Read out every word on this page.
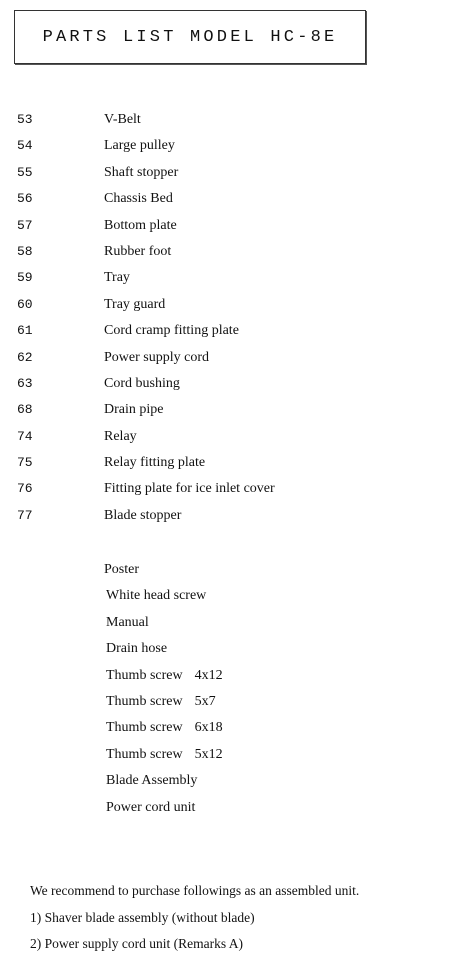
PARTS LIST MODEL HC-8E
53	V-Belt
54	Large pulley
55	Shaft stopper
56	Chassis Bed
57	Bottom plate
58	Rubber foot
59	Tray
60	Tray guard
61	Cord cramp fitting plate
62	Power supply cord
63	Cord bushing
68	Drain pipe
74	Relay
75	Relay fitting plate
76	Fitting plate for ice inlet cover
77	Blade stopper
Poster
White head screw
Manual
Drain hose
Thumb screw 4x12
Thumb screw 5x7
Thumb screw 6x18
Thumb screw 5x12
Blade Assembly
Power cord unit
We recommend to purchase followings as an assembled unit.
1) Shaver blade assembly (without blade)
2) Power supply cord unit (Remarks A)
